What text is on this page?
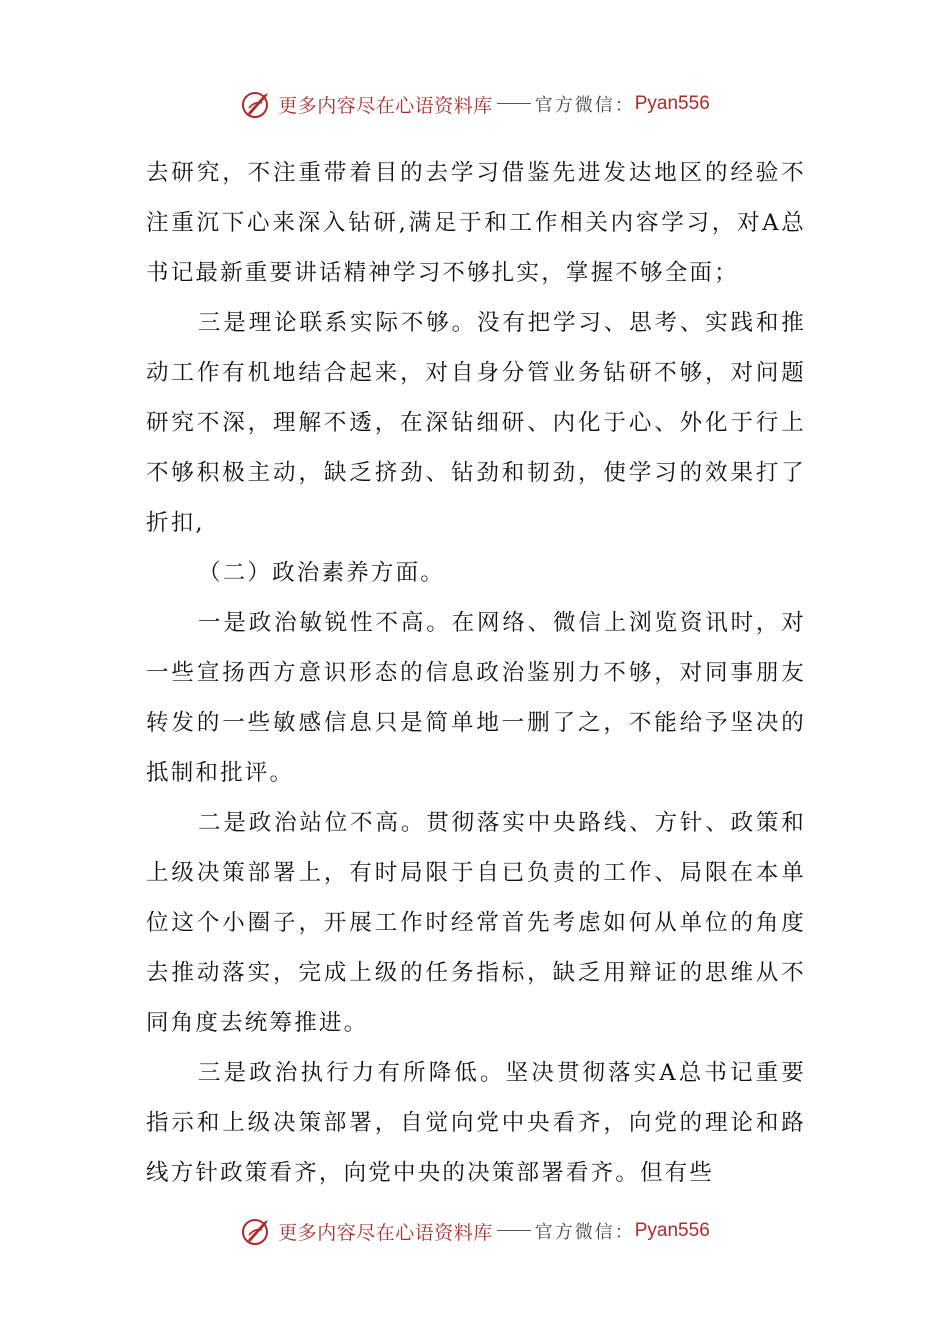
更多内容尽在心语资料库 官方微信： Pyan556

去研究，不注重带着目的去学习借鉴先进发达地区的经验不注重沉下心来深入钻研,满足于和工作相关内容学习，对A总书记最新重要讲话精神学习不够扎实，掌握不够全面；

三是理论联系实际不够。没有把学习、思考、实践和推动工作有机地结合起来，对自身分管业务钻研不够，对问题研究不深，理解不透，在深钻细研、内化于心、外化于行上不够积极主动，缺乏挤劲、钻劲和韧劲，使学习的效果打了折扣,

（二）政治素养方面。

一是政治敏锐性不高。在网络、微信上浏览资讯时，对一些宣扬西方意识形态的信息政治鉴别力不够，对同事朋友转发的一些敏感信息只是简单地一删了之，不能给予坚决的抵制和批评。

二是政治站位不高。贯彻落实中央路线、方针、政策和上级决策部署上，有时局限于自已负责的工作、局限在本单位这个小圈子，开展工作时经常首先考虑如何从单位的角度去推动落实，完成上级的任务指标，缺乏用辩证的思维从不同角度去统筹推进。

三是政治执行力有所降低。坚决贯彻落实A总书记重要指示和上级决策部署，自觉向党中央看齐，向党的理论和路线方针政策看齐，向党中央的决策部署看齐。但有些

更多内容尽在心语资料库 官方微信： Pyan556
